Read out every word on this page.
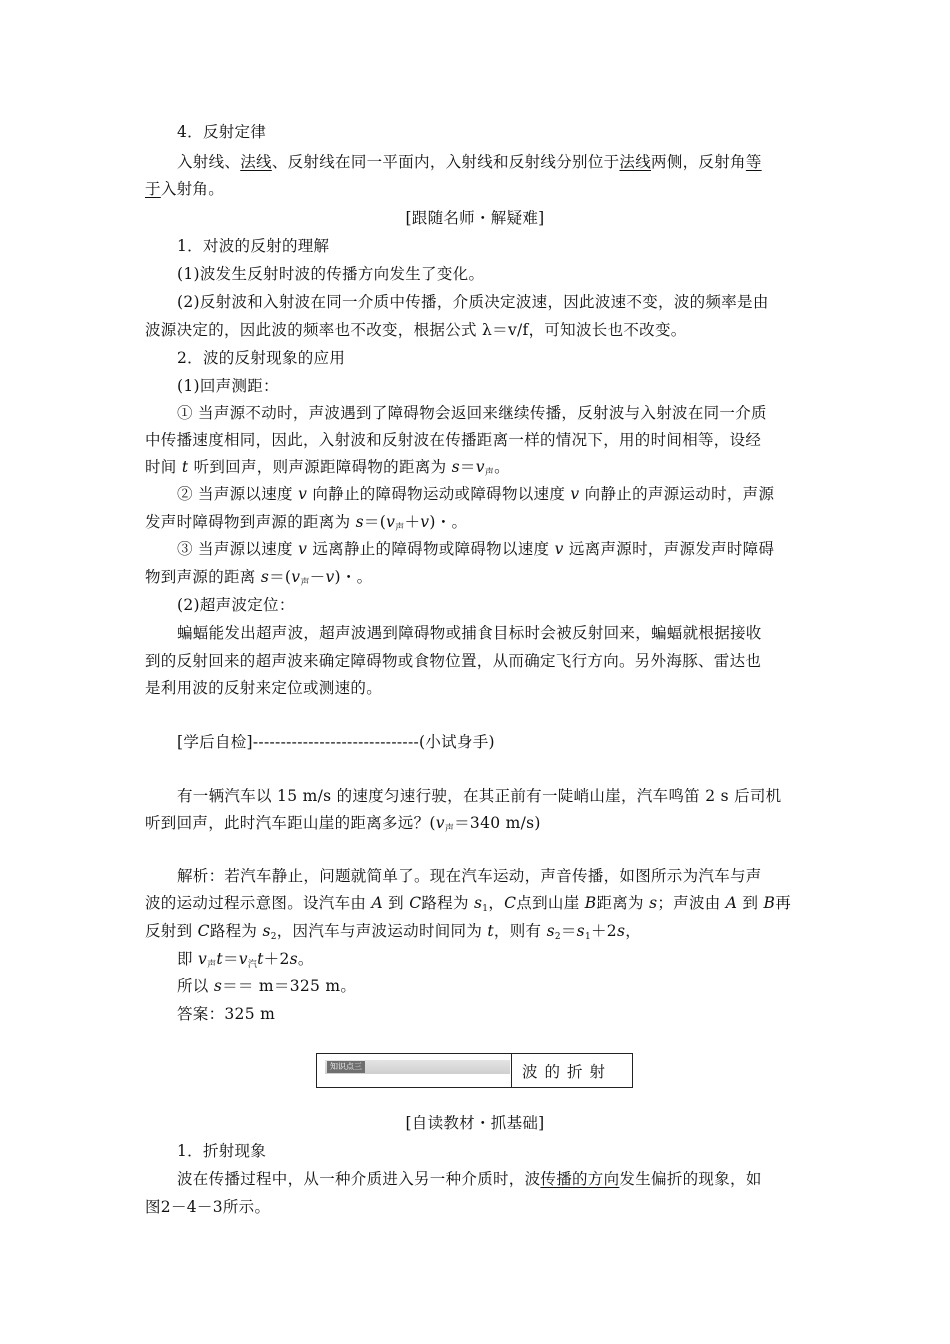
4．反射定律
入射线、法线、反射线在同一平面内，入射线和反射线分别位于法线两侧，反射角等
于入射角。
[跟随名师・解疑难]
1．对波的反射的理解
(1)波发生反射时波的传播方向发生了变化。
(2)反射波和入射波在同一介质中传播，介质决定波速，因此波速不变，波的频率是由
波源决定的，因此波的频率也不改变，根据公式 λ＝v/f，可知波长也不改变。
2．波的反射现象的应用
(1)回声测距：
① 当声源不动时，声波遇到了障碍物会返回来继续传播，反射波与入射波在同一介质
中传播速度相同，因此，入射波和反射波在传播距离一样的情况下，用的时间相等，设经
时间 t 听到回声，则声源距障碍物的距离为 $s=v_声$。
② 当声源以速度 v 向静止的障碍物运动或障碍物以速度 v 向静止的声源运动时，声源
发声时障碍物到声源的距离为 $s=(v_声+v)$・。
③ 当声源以速度 v 远离静止的障碍物或障碍物以速度 v 远离声源时，声源发声时障碍
物到声源的距离 $s=(v_声-v)$・。
(2)超声波定位：
蝙蝠能发出超声波，超声波遇到障碍物或捕食目标时会被反射回来，蝙蝠就根据接收
到的反射回来的超声波来确定障碍物或食物位置，从而确定飞行方向。另外海豚、雷达也
是利用波的反射来定位或测速的。
[学后自检]------------------------------(小试身手)
有一辆汽车以 15 m/s 的速度匀速行驶，在其正前有一陡峭山崖，汽车鸣笛 2 s 后司机
听到回声，此时汽车距山崖的距离多远？($v_声=340$ m/s)
解析：若汽车静止，问题就简单了。现在汽车运动，声音传播，如图所示为汽车与声
波的运动过程示意图。设汽车由 A 到 C路程为 $s_1$，C点到山崖 B距离为 s；声波由 A 到 B再
反射到 C路程为 $s_2$，因汽车与声波运动时间同为 t，则有 $s_2=s_1+2s$，
即 $v_声t=v_汽t+2s$。
所以 s＝＝ m＝325 m。
答案：325 m
知识点三	波的折射
[自读教材・抓基础]
1．折射现象
波在传播过程中，从一种介质进入另一种介质时，波传播的方向发生偏折的现象，如
图2－4－3所示。
